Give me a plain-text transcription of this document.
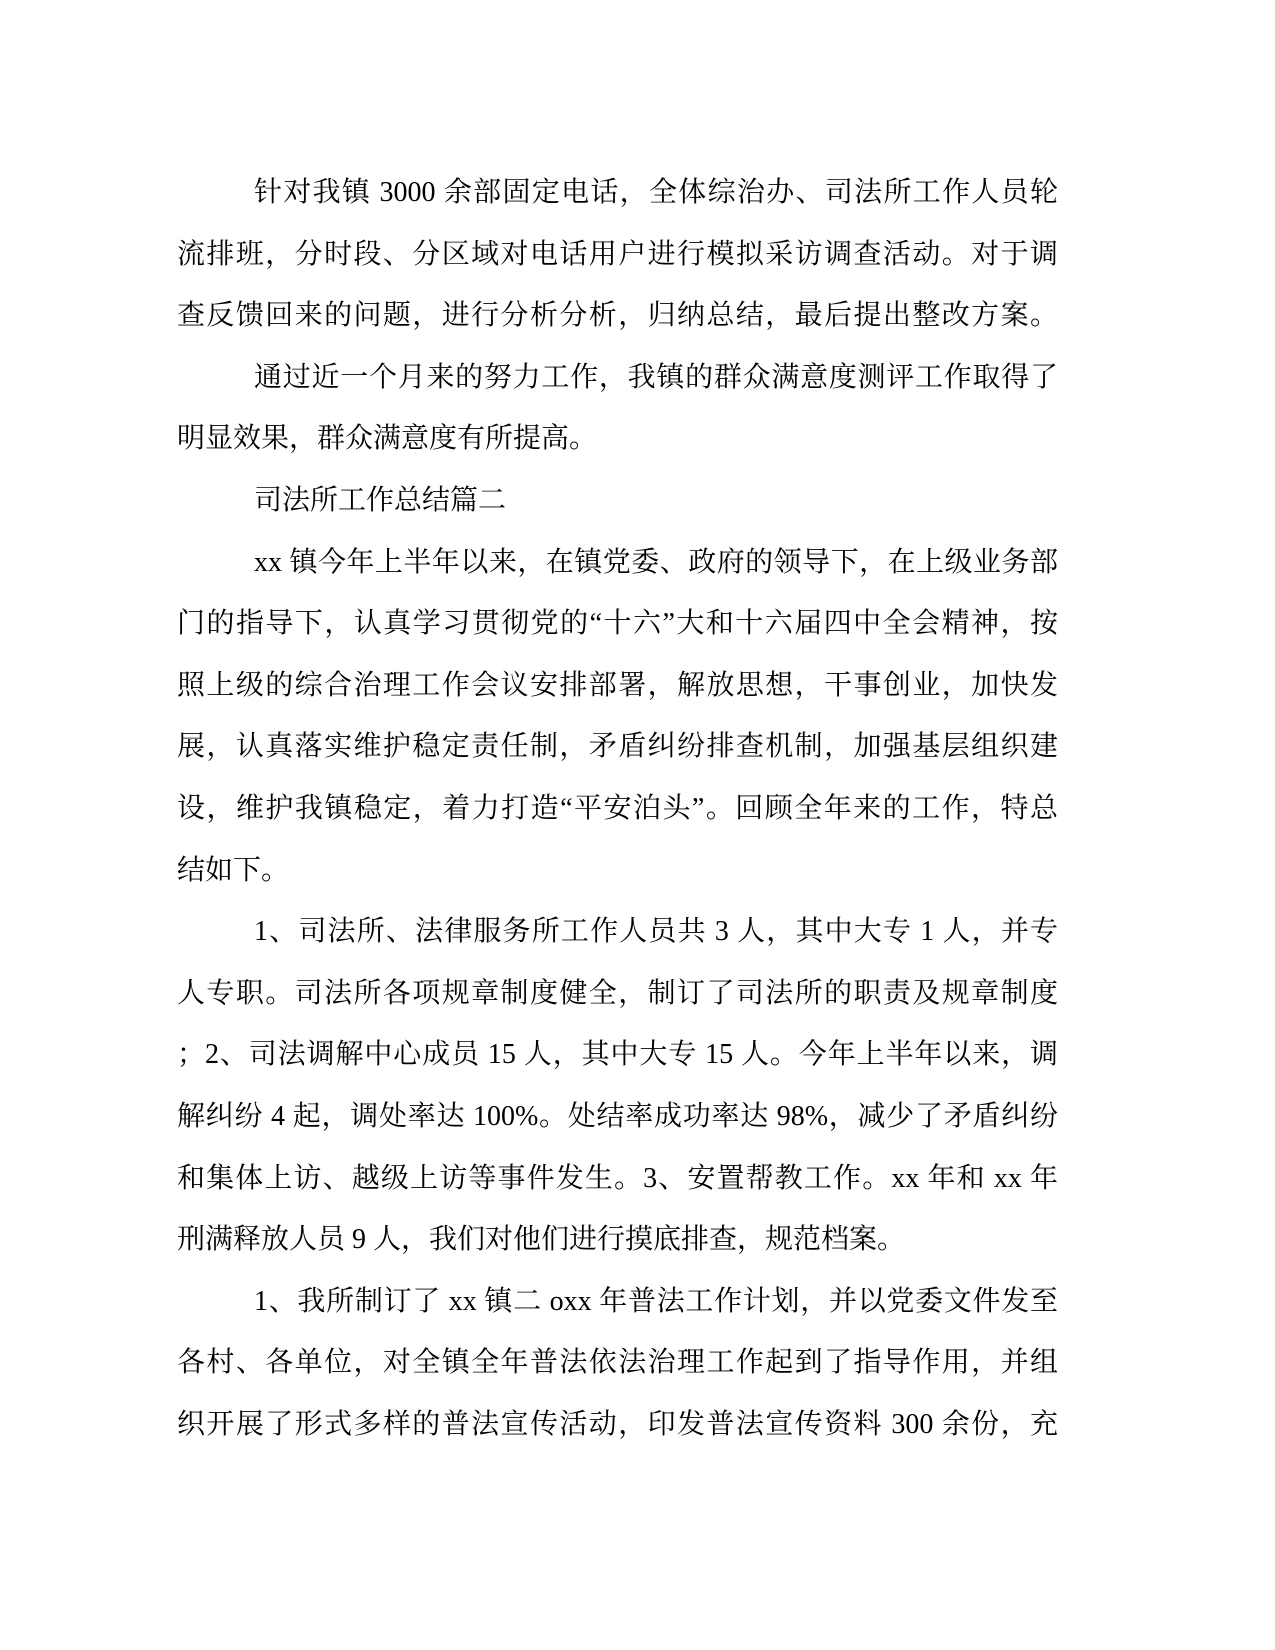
针对我镇 3000 余部固定电话，全体综治办、司法所工作人员轮
流排班，分时段、分区域对电话用户进行模拟采访调查活动。对于调
查反馈回来的问题，进行分析分析，归纳总结，最后提出整改方案。
通过近一个月来的努力工作，我镇的群众满意度测评工作取得了
明显效果，群众满意度有所提高。
司法所工作总结篇二
xx 镇今年上半年以来，在镇党委、政府的领导下，在上级业务部
门的指导下，认真学习贯彻党的“十六”大和十六届四中全会精神，按
照上级的综合治理工作会议安排部署，解放思想，干事创业，加快发
展，认真落实维护稳定责任制，矛盾纠纷排查机制，加强基层组织建
设，维护我镇稳定，着力打造“平安泊头”。回顾全年来的工作，特总
结如下。
1、司法所、法律服务所工作人员共 3 人，其中大专 1 人，并专
人专职。司法所各项规章制度健全，制订了司法所的职责及规章制度
；2、司法调解中心成员 15 人，其中大专 15 人。今年上半年以来，调
解纠纷 4 起，调处率达 100%。处结率成功率达 98%，减少了矛盾纠纷
和集体上访、越级上访等事件发生。3、安置帮教工作。xx 年和 xx 年
刑满释放人员 9 人，我们对他们进行摸底排查，规范档案。
1、我所制订了 xx 镇二 oxx 年普法工作计划，并以党委文件发至
各村、各单位，对全镇全年普法依法治理工作起到了指导作用，并组
织开展了形式多样的普法宣传活动，印发普法宣传资料 300 余份，充
